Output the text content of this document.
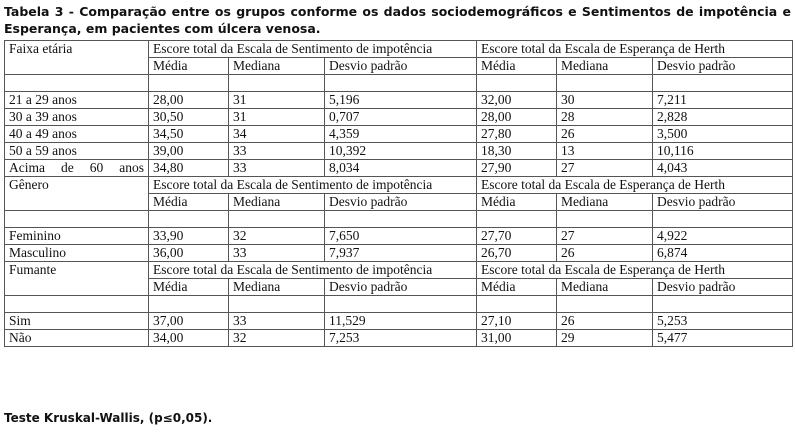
Tabela 3 - Comparação entre os grupos conforme os dados sociodemográficos e Sentimentos de impotência e Esperança, em pacientes com úlcera venosa.
Faixa etária	Escore total da Escala de Sentimento de impotência			Escore total da Escala de Esperança de Herth		
	Média	Mediana	Desvio padrão	Média	Mediana	Desvio padrão

21 a 29 anos	28,00	31	5,196	32,00	30	7,211
30 a 39 anos	30,50	31	0,707	28,00	28	2,828
40 a 49 anos	34,50	34	4,359	27,80	26	3,500
50 a 59 anos	39,00	33	10,392	18,30	13	10,116
Acima de 60 anos	34,80	33	8,034	27,90	27	4,043
Gênero	Escore total da Escala de Sentimento de impotência			Escore total da Escala de Esperança de Herth		
	Média	Mediana	Desvio padrão	Média	Mediana	Desvio padrão

Feminino	33,90	32	7,650	27,70	27	4,922
Masculino	36,00	33	7,937	26,70	26	6,874
Fumante	Escore total da Escala de Sentimento de impotência			Escore total da Escala de Esperança de Herth		
	Média	Mediana	Desvio padrão	Média	Mediana	Desvio padrão

Sim	37,00	33	11,529	27,10	26	5,253
Não	34,00	32	7,253	31,00	29	5,477
Teste Kruskal-Wallis, (p≤0,05).
